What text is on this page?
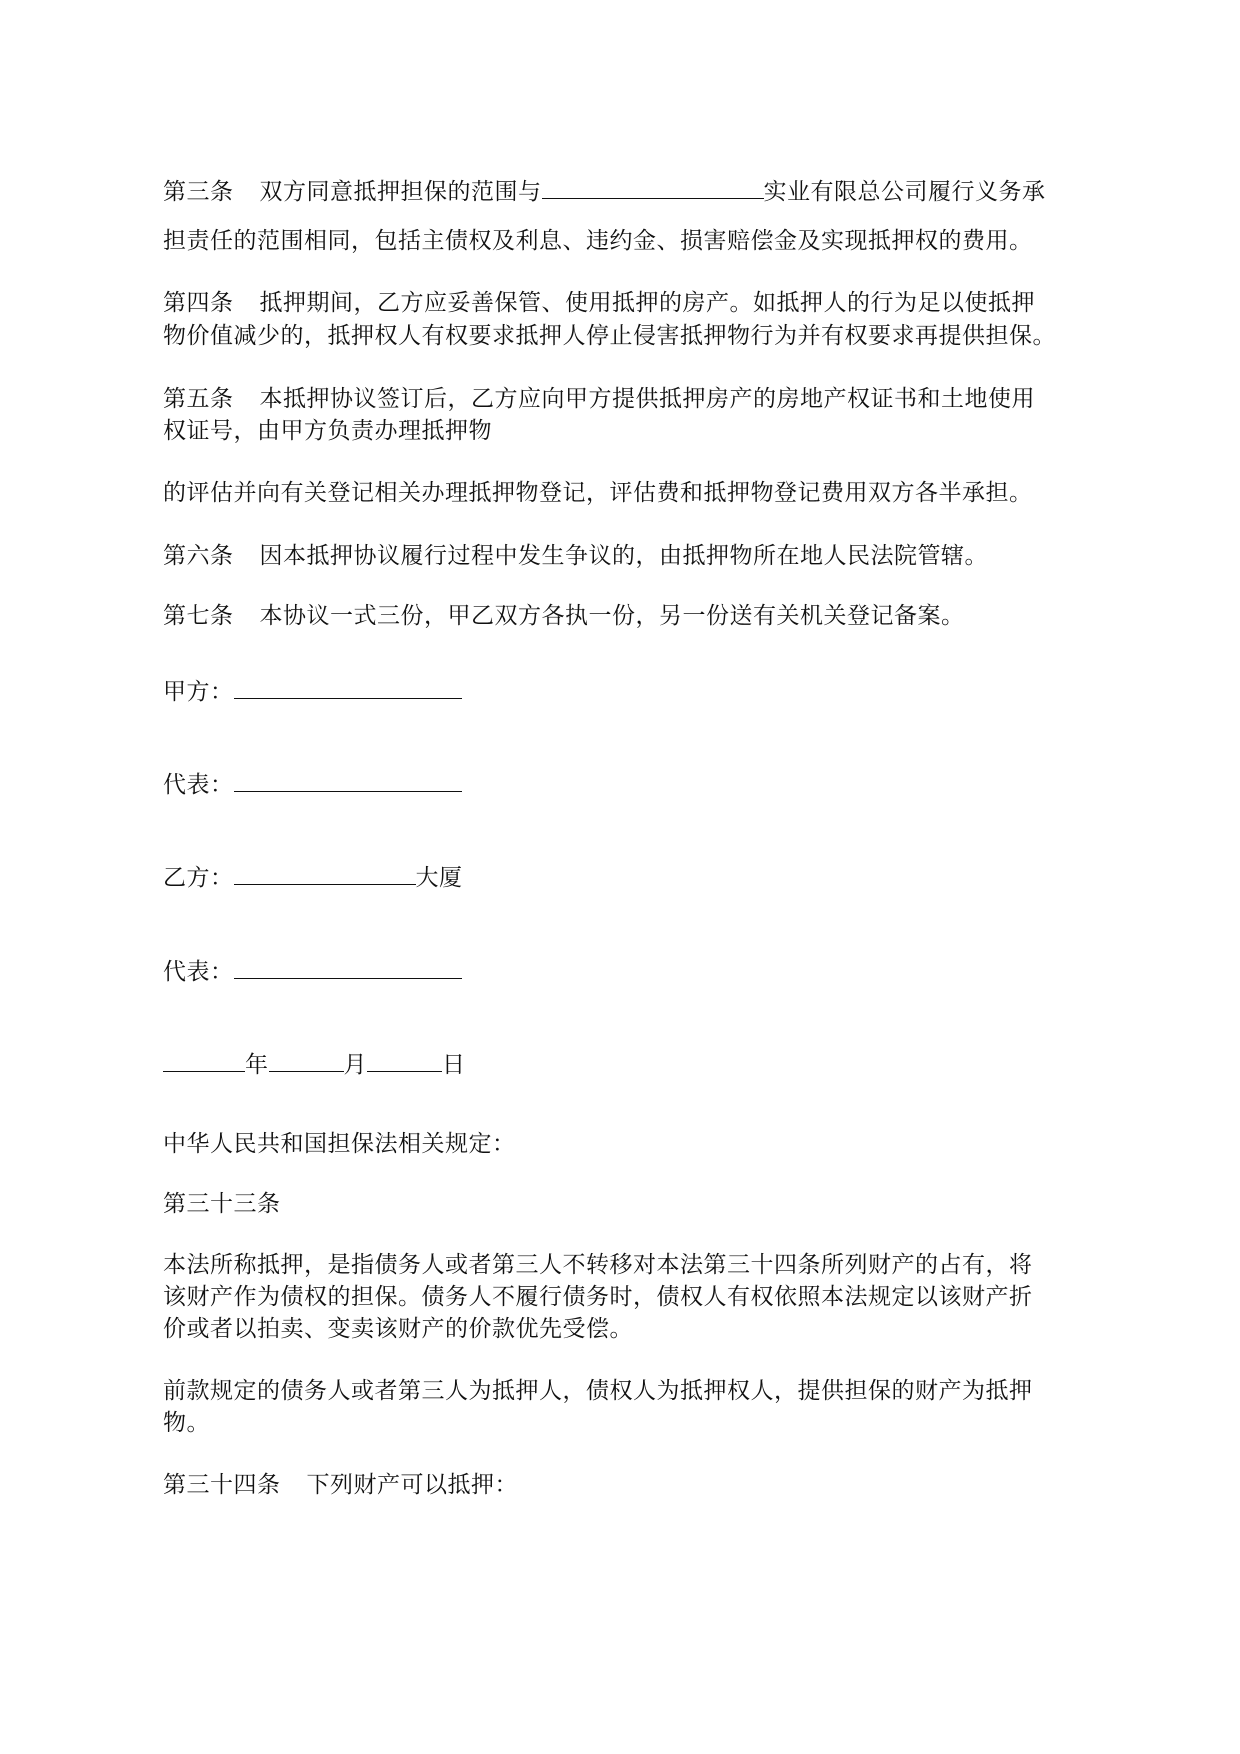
第三条 双方同意抵押担保的范围与	实业有限总公司履行义务承
担责任的范围相同，包括主债权及利息、违约金、损害赔偿金及实现抵押权的费用。
第四条 抵押期间，乙方应妥善保管、使用抵押的房产。如抵押人的行为足以使抵押
物价值减少的，抵押权人有权要求抵押人停止侵害抵押物行为并有权要求再提供担保。
第五条 本抵押协议签订后，乙方应向甲方提供抵押房产的房地产权证书和土地使用
权证号，由甲方负责办理抵押物
的评估并向有关登记相关办理抵押物登记，评估费和抵押物登记费用双方各半承担。
第六条 因本抵押协议履行过程中发生争议的，由抵押物所在地人民法院管辖。
第七条 本协议一式三份，甲乙双方各执一份，另一份送有关机关登记备案。
甲方：
代表：
乙方：	大厦
代表：
年	月	日
中华人民共和国担保法相关规定：
第三十三条
本法所称抵押，是指债务人或者第三人不转移对本法第三十四条所列财产的占有，将
该财产作为债权的担保。债务人不履行债务时，债权人有权依照本法规定以该财产折
价或者以拍卖、变卖该财产的价款优先受偿。
前款规定的债务人或者第三人为抵押人，债权人为抵押权人，提供担保的财产为抵押
物。
第三十四条 下列财产可以抵押：
